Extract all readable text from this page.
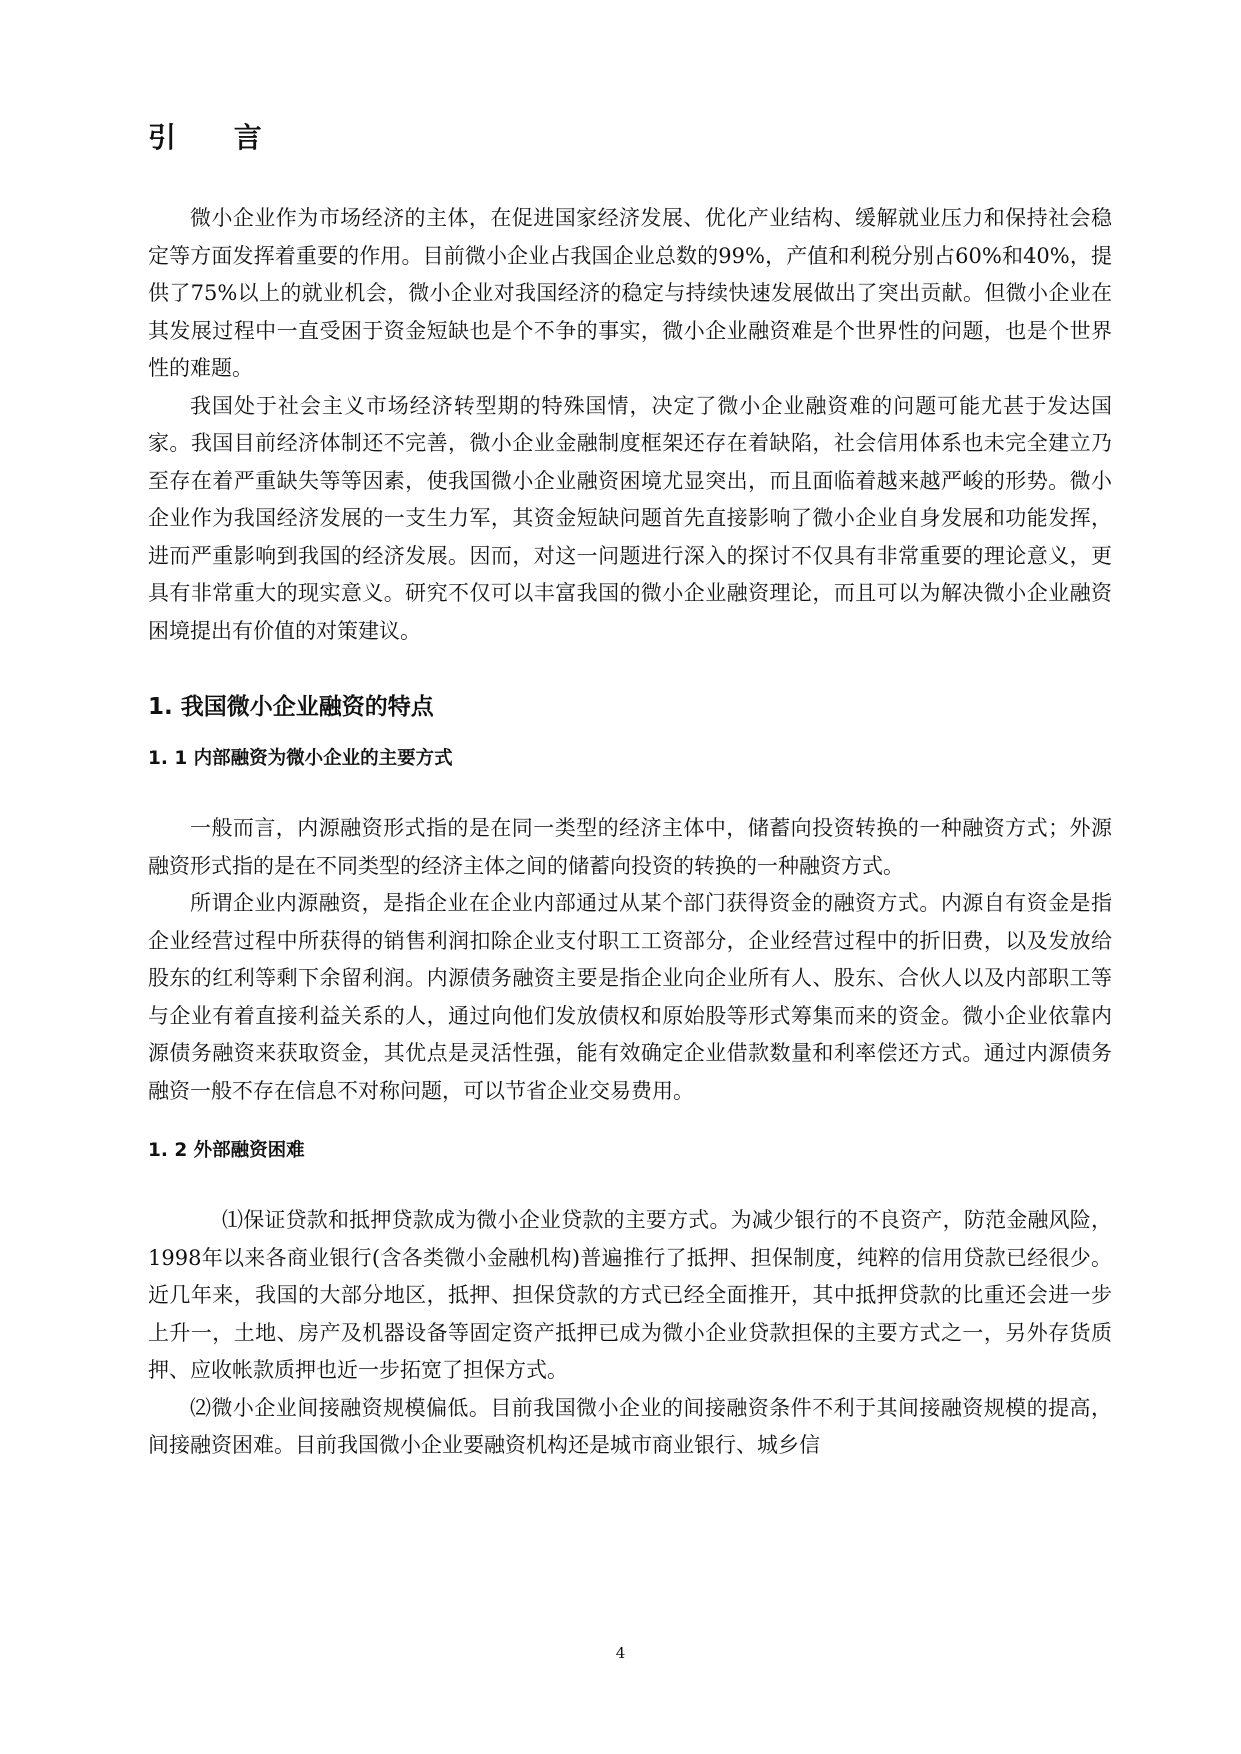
引 言

微小企业作为市场经济的主体，在促进国家经济发展、优化产业结构、缓解就业压力和保持社会稳定等方面发挥着重要的作用。目前微小企业占我国企业总数的99%，产值和利税分别占60%和40%，提供了75%以上的就业机会，微小企业对我国经济的稳定与持续快速发展做出了突出贡献。但微小企业在其发展过程中一直受困于资金短缺也是个不争的事实，微小企业融资难是个世界性的问题，也是个世界性的难题。

我国处于社会主义市场经济转型期的特殊国情，决定了微小企业融资难的问题可能尤甚于发达国家。我国目前经济体制还不完善，微小企业金融制度框架还存在着缺陷，社会信用体系也未完全建立乃至存在着严重缺失等等因素，使我国微小企业融资困境尤显突出，而且面临着越来越严峻的形势。微小企业作为我国经济发展的一支生力军，其资金短缺问题首先直接影响了微小企业自身发展和功能发挥，进而严重影响到我国的经济发展。因而，对这一问题进行深入的探讨不仅具有非常重要的理论意义，更具有非常重大的现实意义。研究不仅可以丰富我国的微小企业融资理论，而且可以为解决微小企业融资困境提出有价值的对策建议。

1. 我国微小企业融资的特点
1. 1 内部融资为微小企业的主要方式

一般而言，内源融资形式指的是在同一类型的经济主体中，储蓄向投资转换的一种融资方式；外源融资形式指的是在不同类型的经济主体之间的储蓄向投资的转换的一种融资方式。

所谓企业内源融资，是指企业在企业内部通过从某个部门获得资金的融资方式。内源自有资金是指企业经营过程中所获得的销售利润扣除企业支付职工工资部分，企业经营过程中的折旧费，以及发放给股东的红利等剩下余留利润。内源债务融资主要是指企业向企业所有人、股东、合伙人以及内部职工等与企业有着直接利益关系的人，通过向他们发放债权和原始股等形式筹集而来的资金。微小企业依靠内源债务融资来获取资金，其优点是灵活性强，能有效确定企业借款数量和利率偿还方式。通过内源债务融资一般不存在信息不对称问题，可以节省企业交易费用。

1. 2 外部融资困难

⑴保证贷款和抵押贷款成为微小企业贷款的主要方式。为减少银行的不良资产，防范金融风险，1998年以来各商业银行(含各类微小金融机构)普遍推行了抵押、担保制度，纯粹的信用贷款已经很少。近几年来，我国的大部分地区，抵押、担保贷款的方式已经全面推开，其中抵押贷款的比重还会进一步上升一，土地、房产及机器设备等固定资产抵押已成为微小企业贷款担保的主要方式之一，另外存货质押、应收帐款质押也近一步拓宽了担保方式。

⑵微小企业间接融资规模偏低。目前我国微小企业的间接融资条件不利于其间接融资规模的提高，间接融资困难。目前我国微小企业要融资机构还是城市商业银行、城乡信

4
